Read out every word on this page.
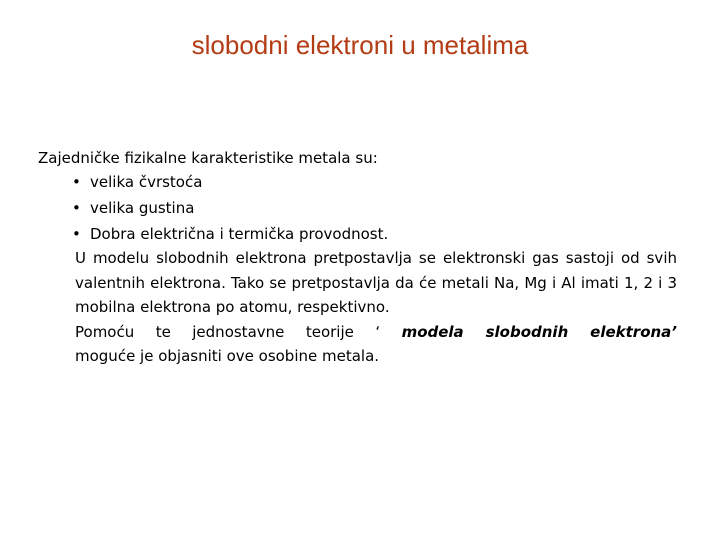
slobodni elektroni u metalima

Zajedničke fizikalne karakteristike metala su:

• velika čvrstoća
• velika gustina
• Dobra električna i termička provodnost.
U modelu slobodnih elektrona pretpostavlja se elektronski gas sastoji od svih valentnih elektrona. Tako se pretpostavlja da će metali Na, Mg i Al imati 1, 2 i 3 mobilna elektrona po atomu, respektivno.
Pomoću te jednostavne teorije ‘ modela slobodnih elektrona’
moguće je objasniti ove osobine metala.
